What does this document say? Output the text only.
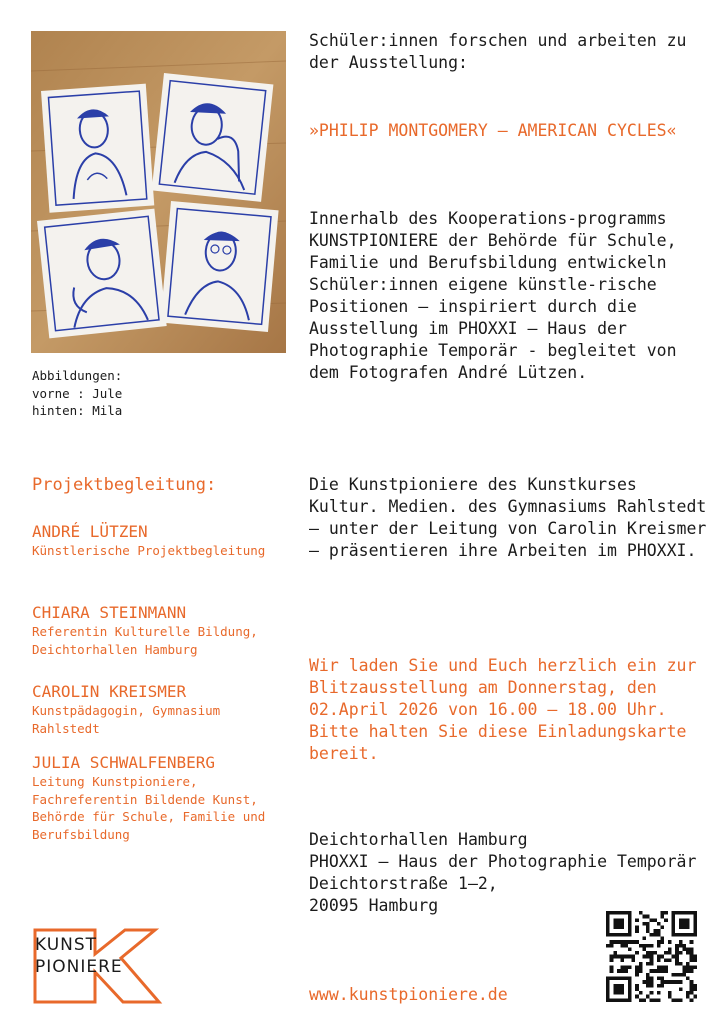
Abbildungen:
vorne : Jule
hinten: Mila
Schüler:innen forschen und arbeiten zu der Ausstellung:
»PHILIP MONTGOMERY – AMERICAN CYCLES«
Innerhalb des Kooperations-programms KUNSTPIONIERE der Behörde für Schule, Familie und Berufsbildung entwickeln Schüler:innen eigene künstle-rische Positionen – inspiriert durch die Ausstellung im PHOXXI – Haus der Photographie Temporär - begleitet von dem Fotografen André Lützen.
Die Kunstpioniere des Kunstkurses Kultur. Medien. des Gymnasiums Rahlstedt – unter der Leitung von Carolin Kreismer – präsentieren ihre Arbeiten im PHOXXI.
Wir laden Sie und Euch herzlich ein zur Blitzausstellung am Donnerstag, den 02.April 2026 von 16.00 – 18.00 Uhr. Bitte halten Sie diese Einladungskarte bereit.
Deichtorhallen Hamburg
PHOXXI – Haus der Photographie Temporär
Deichtorstraße 1–2,
20095 Hamburg
www.kunstpioniere.de
Projektbegleitung:
ANDRÉ LÜTZEN
Künstlerische Projektbegleitung
CHIARA STEINMANN
Referentin Kulturelle Bildung, Deichtorhallen Hamburg
CAROLIN KREISMER
Kunstpädagogin, Gymnasium Rahlstedt
JULIA SCHWALFENBERG
Leitung Kunstpioniere, Fachreferentin Bildende Kunst, Behörde für Schule, Familie und Berufsbildung
KUNST
PIONIERE
